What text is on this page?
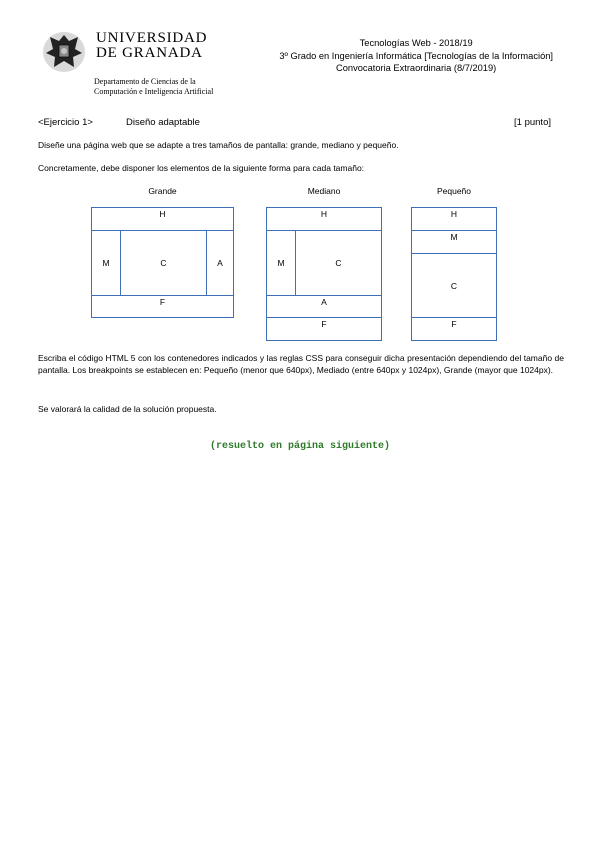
UNIVERSIDAD
DE GRANADA
Departamento de Ciencias de la
Computación e Inteligencia Artificial
Tecnologías Web - 2018/19
3º Grado en Ingeniería Informática [Tecnologías de la Información]
Convocatoria Extraordinaria (8/7/2019)
<Ejercicio 1>	Diseño adaptable	[1 punto]
Diseñe una página web que se adapte a tres tamaños de pantalla: grande, mediano y pequeño.
Concretamente, debe disponer los elementos de la siguiente forma para cada tamaño:
Grande
H
M	C	A
F
Mediano
H
M	C
A
F
Pequeño
H
M
C
F
Escriba el código HTML 5 con los contenedores indicados y las reglas CSS para conseguir dicha presentación dependiendo del tamaño de pantalla. Los breakpoints se establecen en: Pequeño (menor que 640px), Mediado (entre 640px y 1024px), Grande (mayor que 1024px).
Se valorará la calidad de la solución propuesta.
(resuelto en página siguiente)
